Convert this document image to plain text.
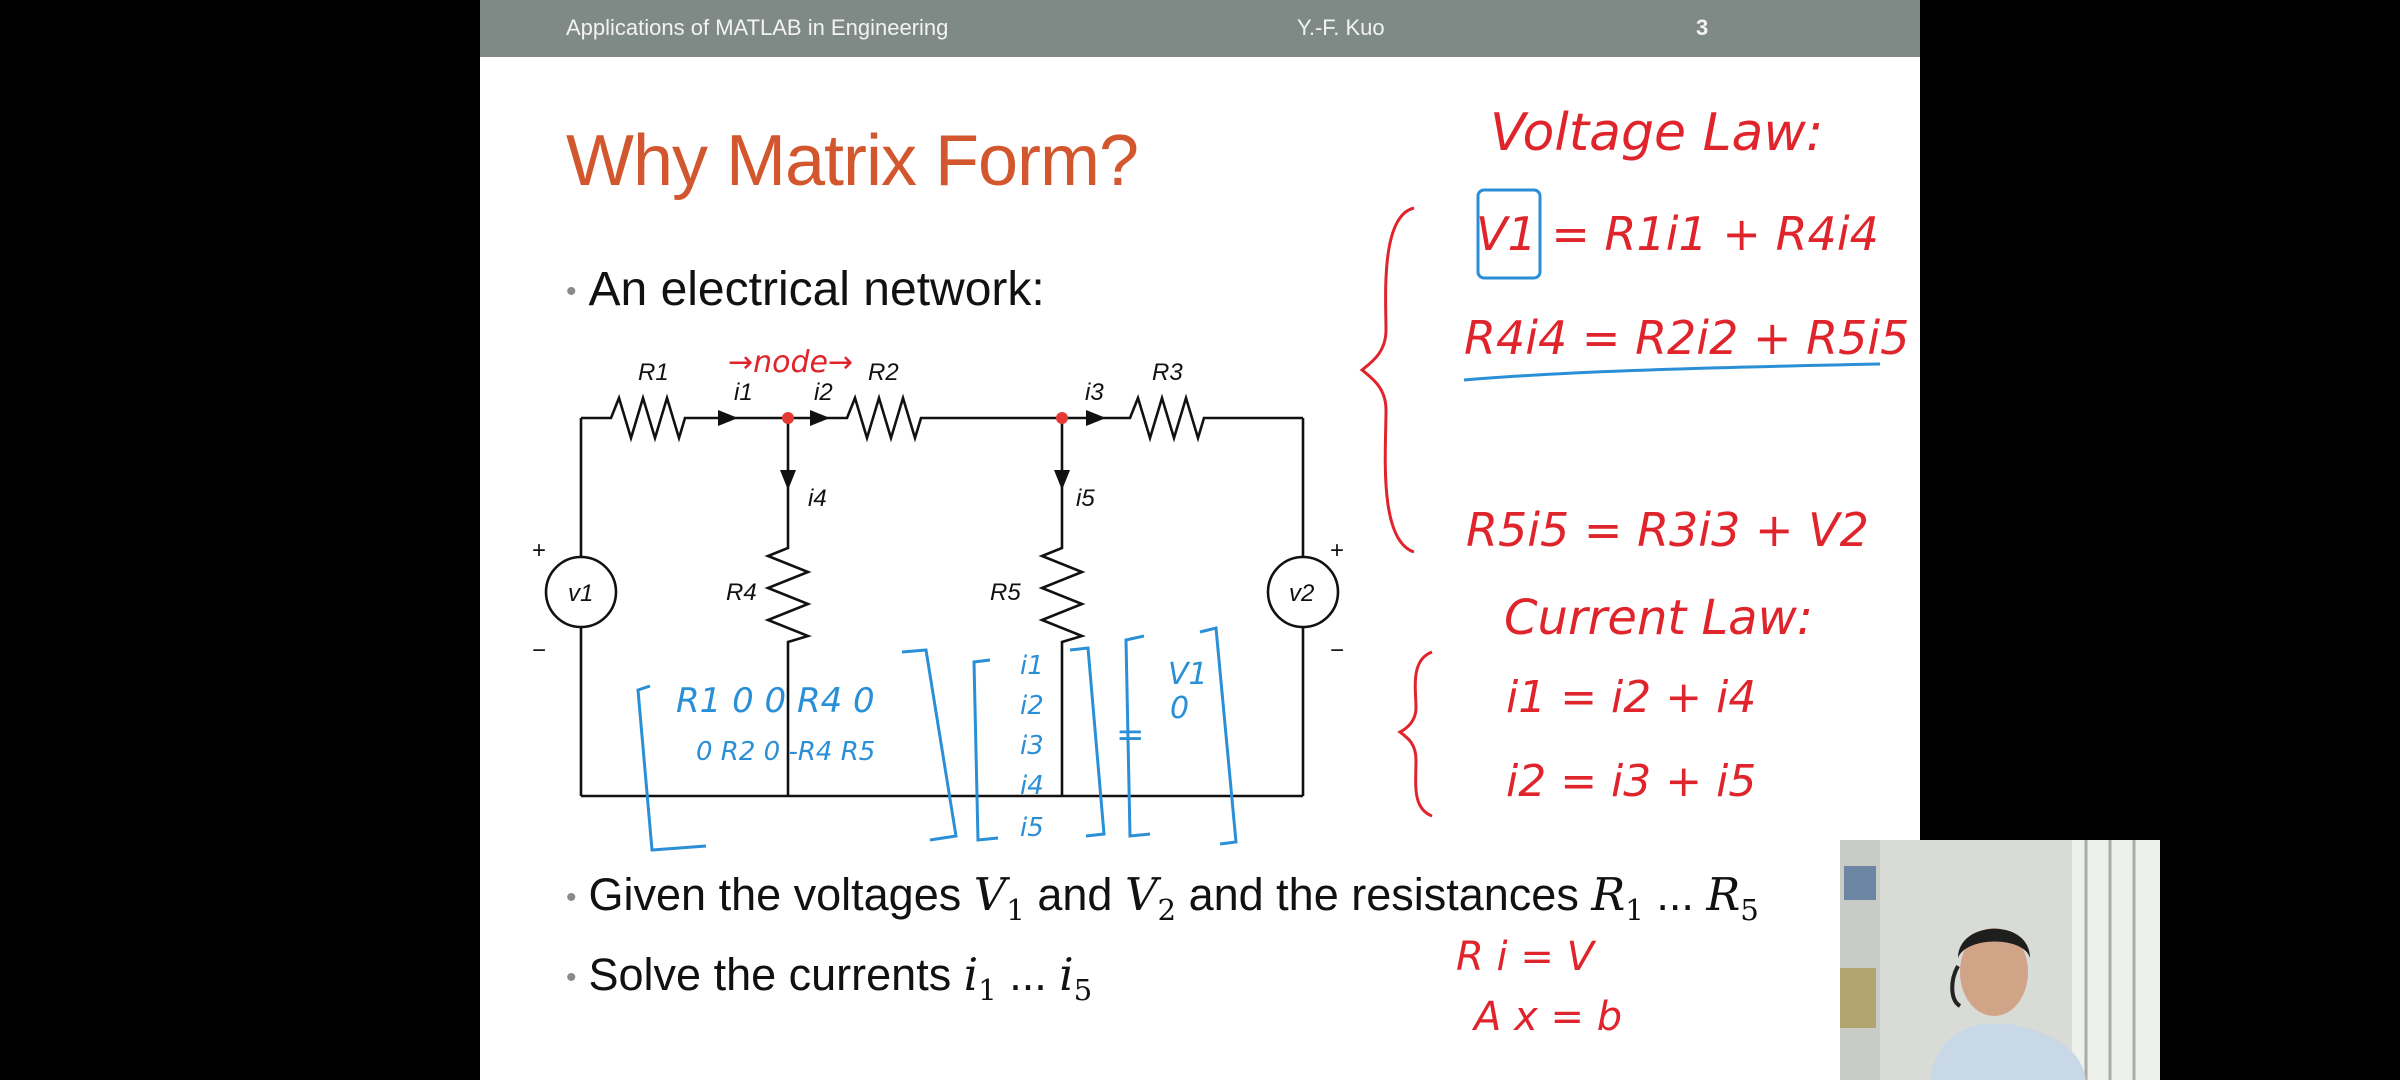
Applications of MATLAB in Engineering	Y.-F. Kuo	3
Why Matrix Form?
• An electrical network:
R1	R2	R3
R4	R5
i1	i2	i3
i4	i5
v1	v2
+
−
+
−
→node→
Voltage Law:
V1 = R1i1 + R4i4
R4i4 = R2i2 + R5i5
R5i5 = R3i3 + V2
Current Law:
i1 = i2 + i4
i2 = i3 + i5
R i = V
A x = b
R1 0 0 R4 0
0 R2 0 -R4 R5
i1
i2
i3
i4
i5
=
V1
0
• Given the voltages $V_1$ and $V_2$ and the resistances $R_1$ ... $R_5$
• Solve the currents $i_1$ ... $i_5$
